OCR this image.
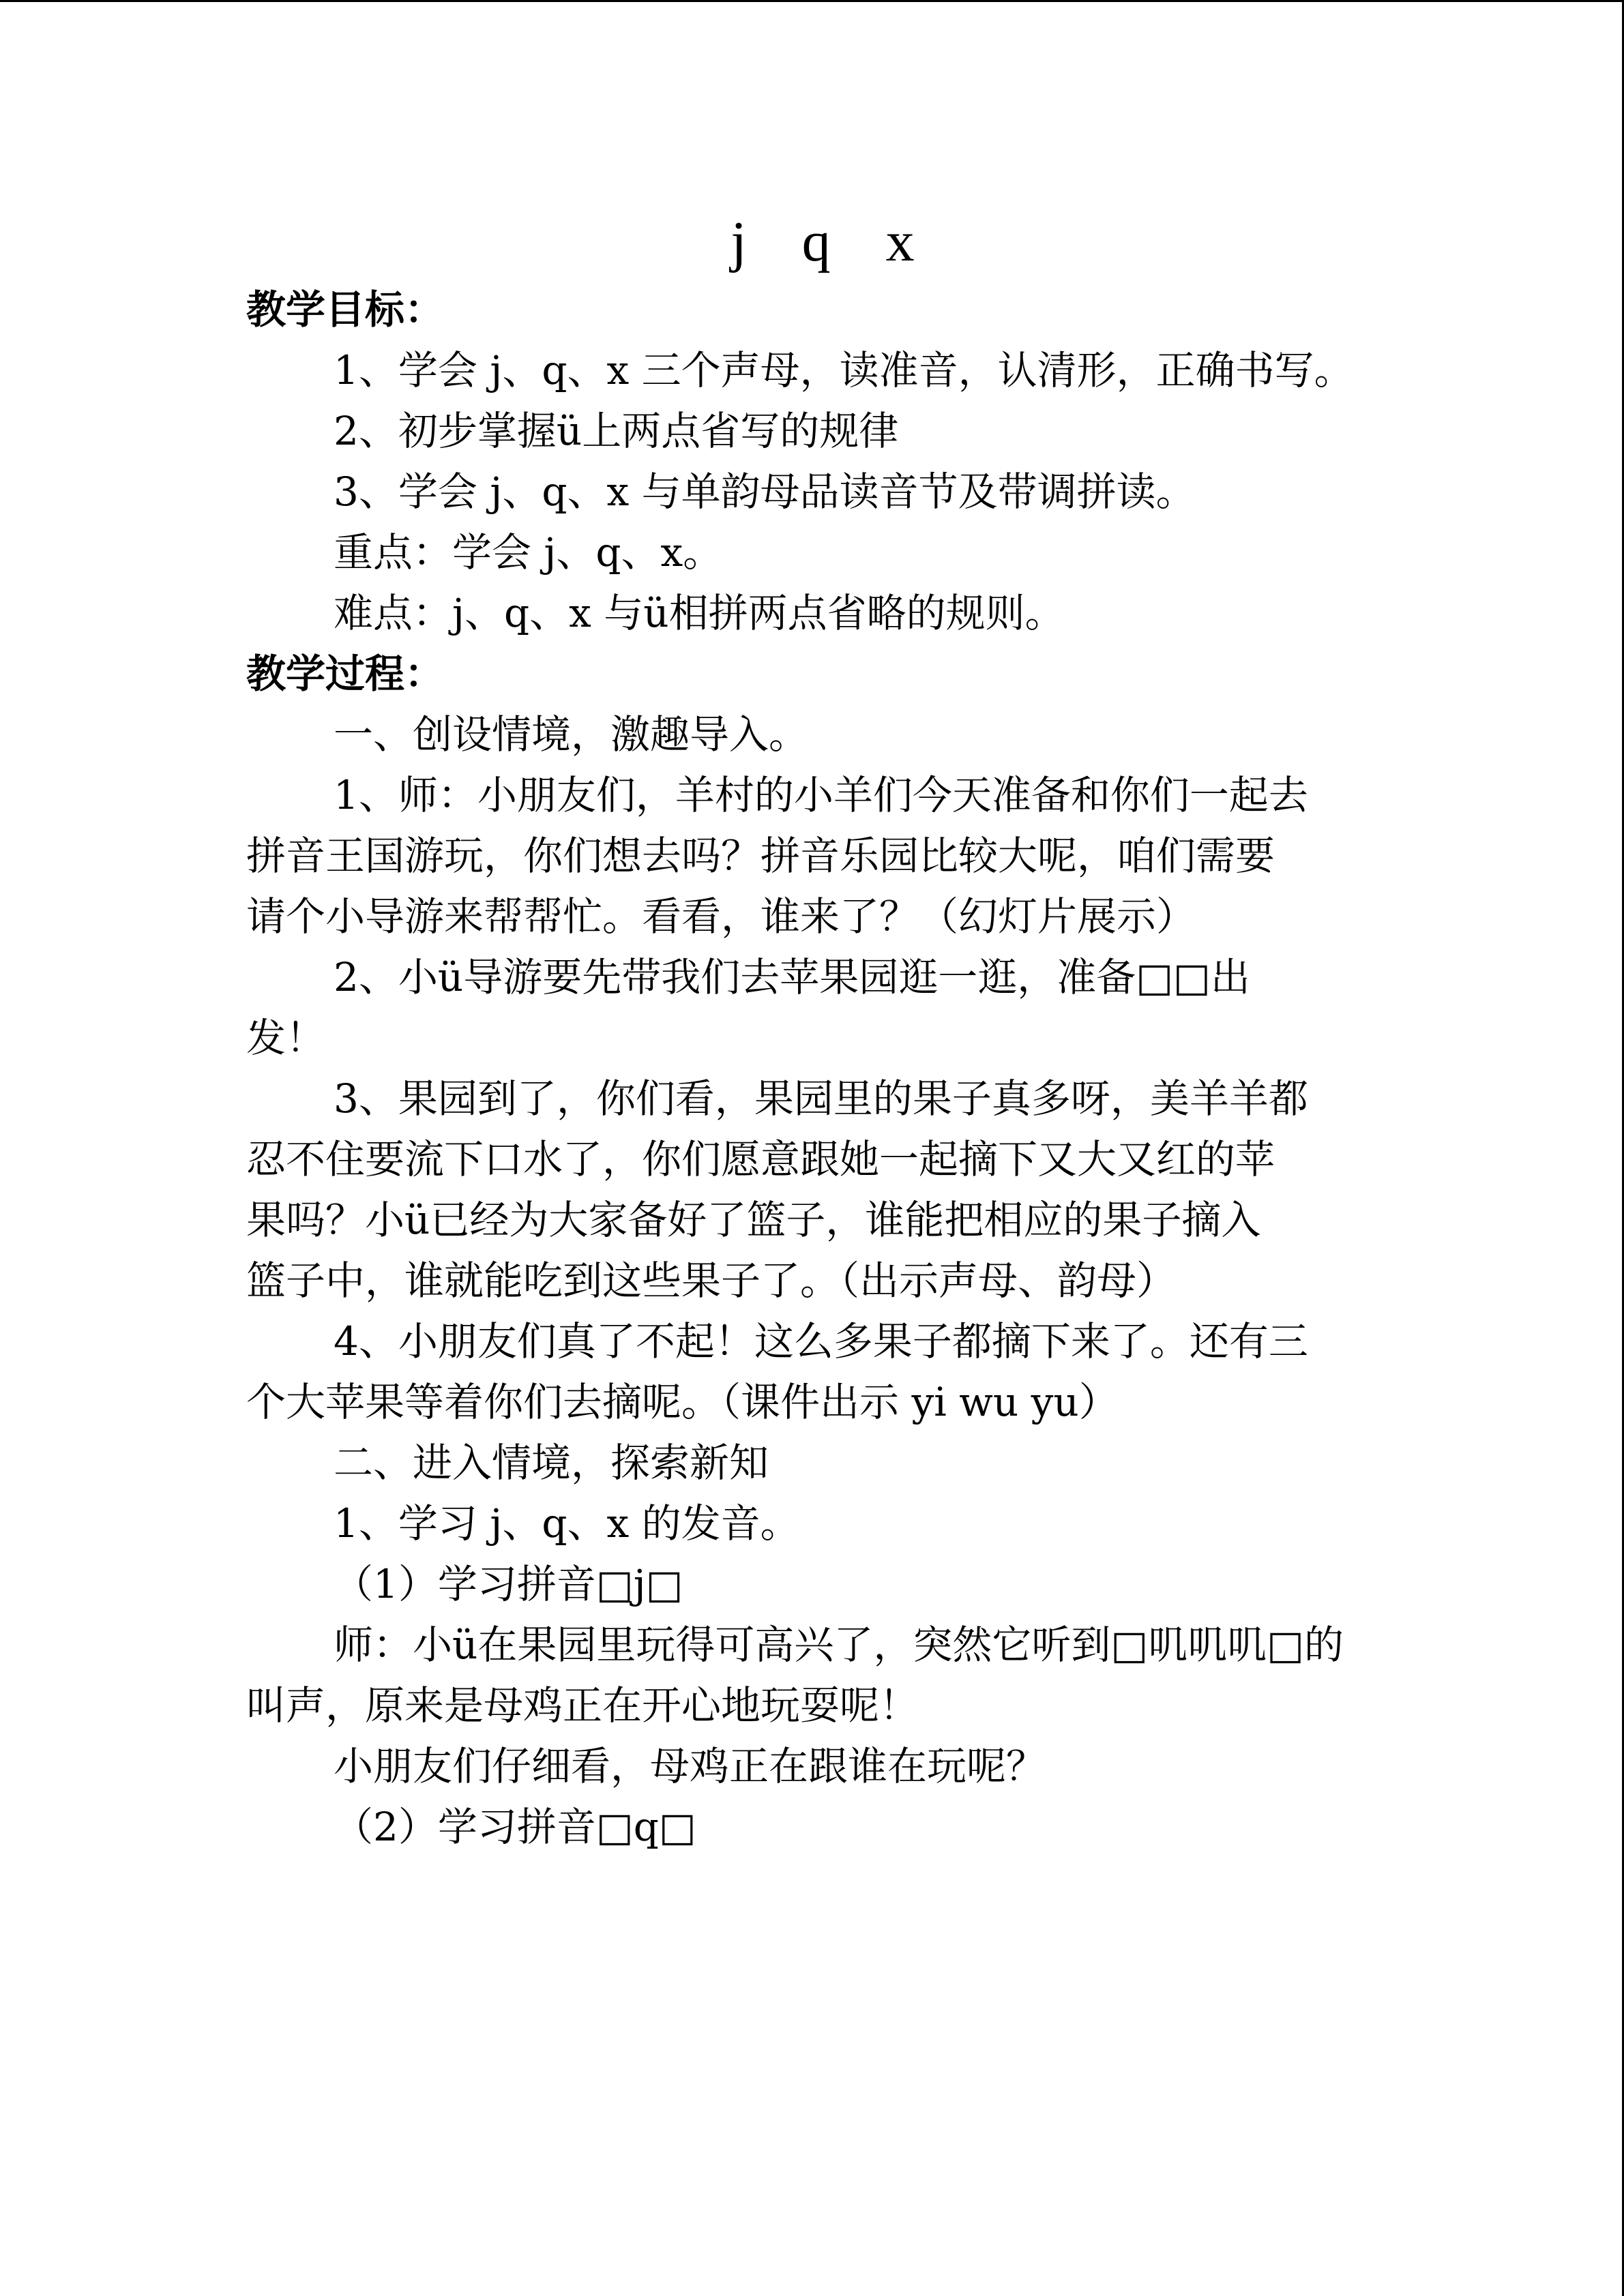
j q x

教学目标：

1、学会 j、q、x 三个声母，读准音，认清形，正确书写。

2、初步掌握ü上两点省写的规律

3、学会 j、q、x 与单韵母品读音节及带调拼读。

重点：学会 j、q、x。

难点：j、q、x 与ü相拼两点省略的规则。

教学过程：

一、创设情境，激趣导入。

1、师：小朋友们，羊村的小羊们今天准备和你们一起去

拼音王国游玩，你们想去吗？拼音乐园比较大呢，咱们需要

请个小导游来帮帮忙。看看，谁来了？（幻灯片展示）

2、小ü导游要先带我们去苹果园逛一逛，准备□□出

发！

3、果园到了，你们看，果园里的果子真多呀，美羊羊都

忍不住要流下口水了，你们愿意跟她一起摘下又大又红的苹

果吗？小ü已经为大家备好了篮子，谁能把相应的果子摘入

篮子中，谁就能吃到这些果子了。（出示声母、韵母）

4、小朋友们真了不起！这么多果子都摘下来了。还有三

个大苹果等着你们去摘呢。（课件出示 yi wu yu）

二、进入情境，探索新知

1、学习 j、q、x 的发音。

（1）学习拼音□j□

师：小ü在果园里玩得可高兴了，突然它听到□叽叽叽□的

叫声，原来是母鸡正在开心地玩耍呢！

小朋友们仔细看，母鸡正在跟谁在玩呢？

（2）学习拼音□q□
